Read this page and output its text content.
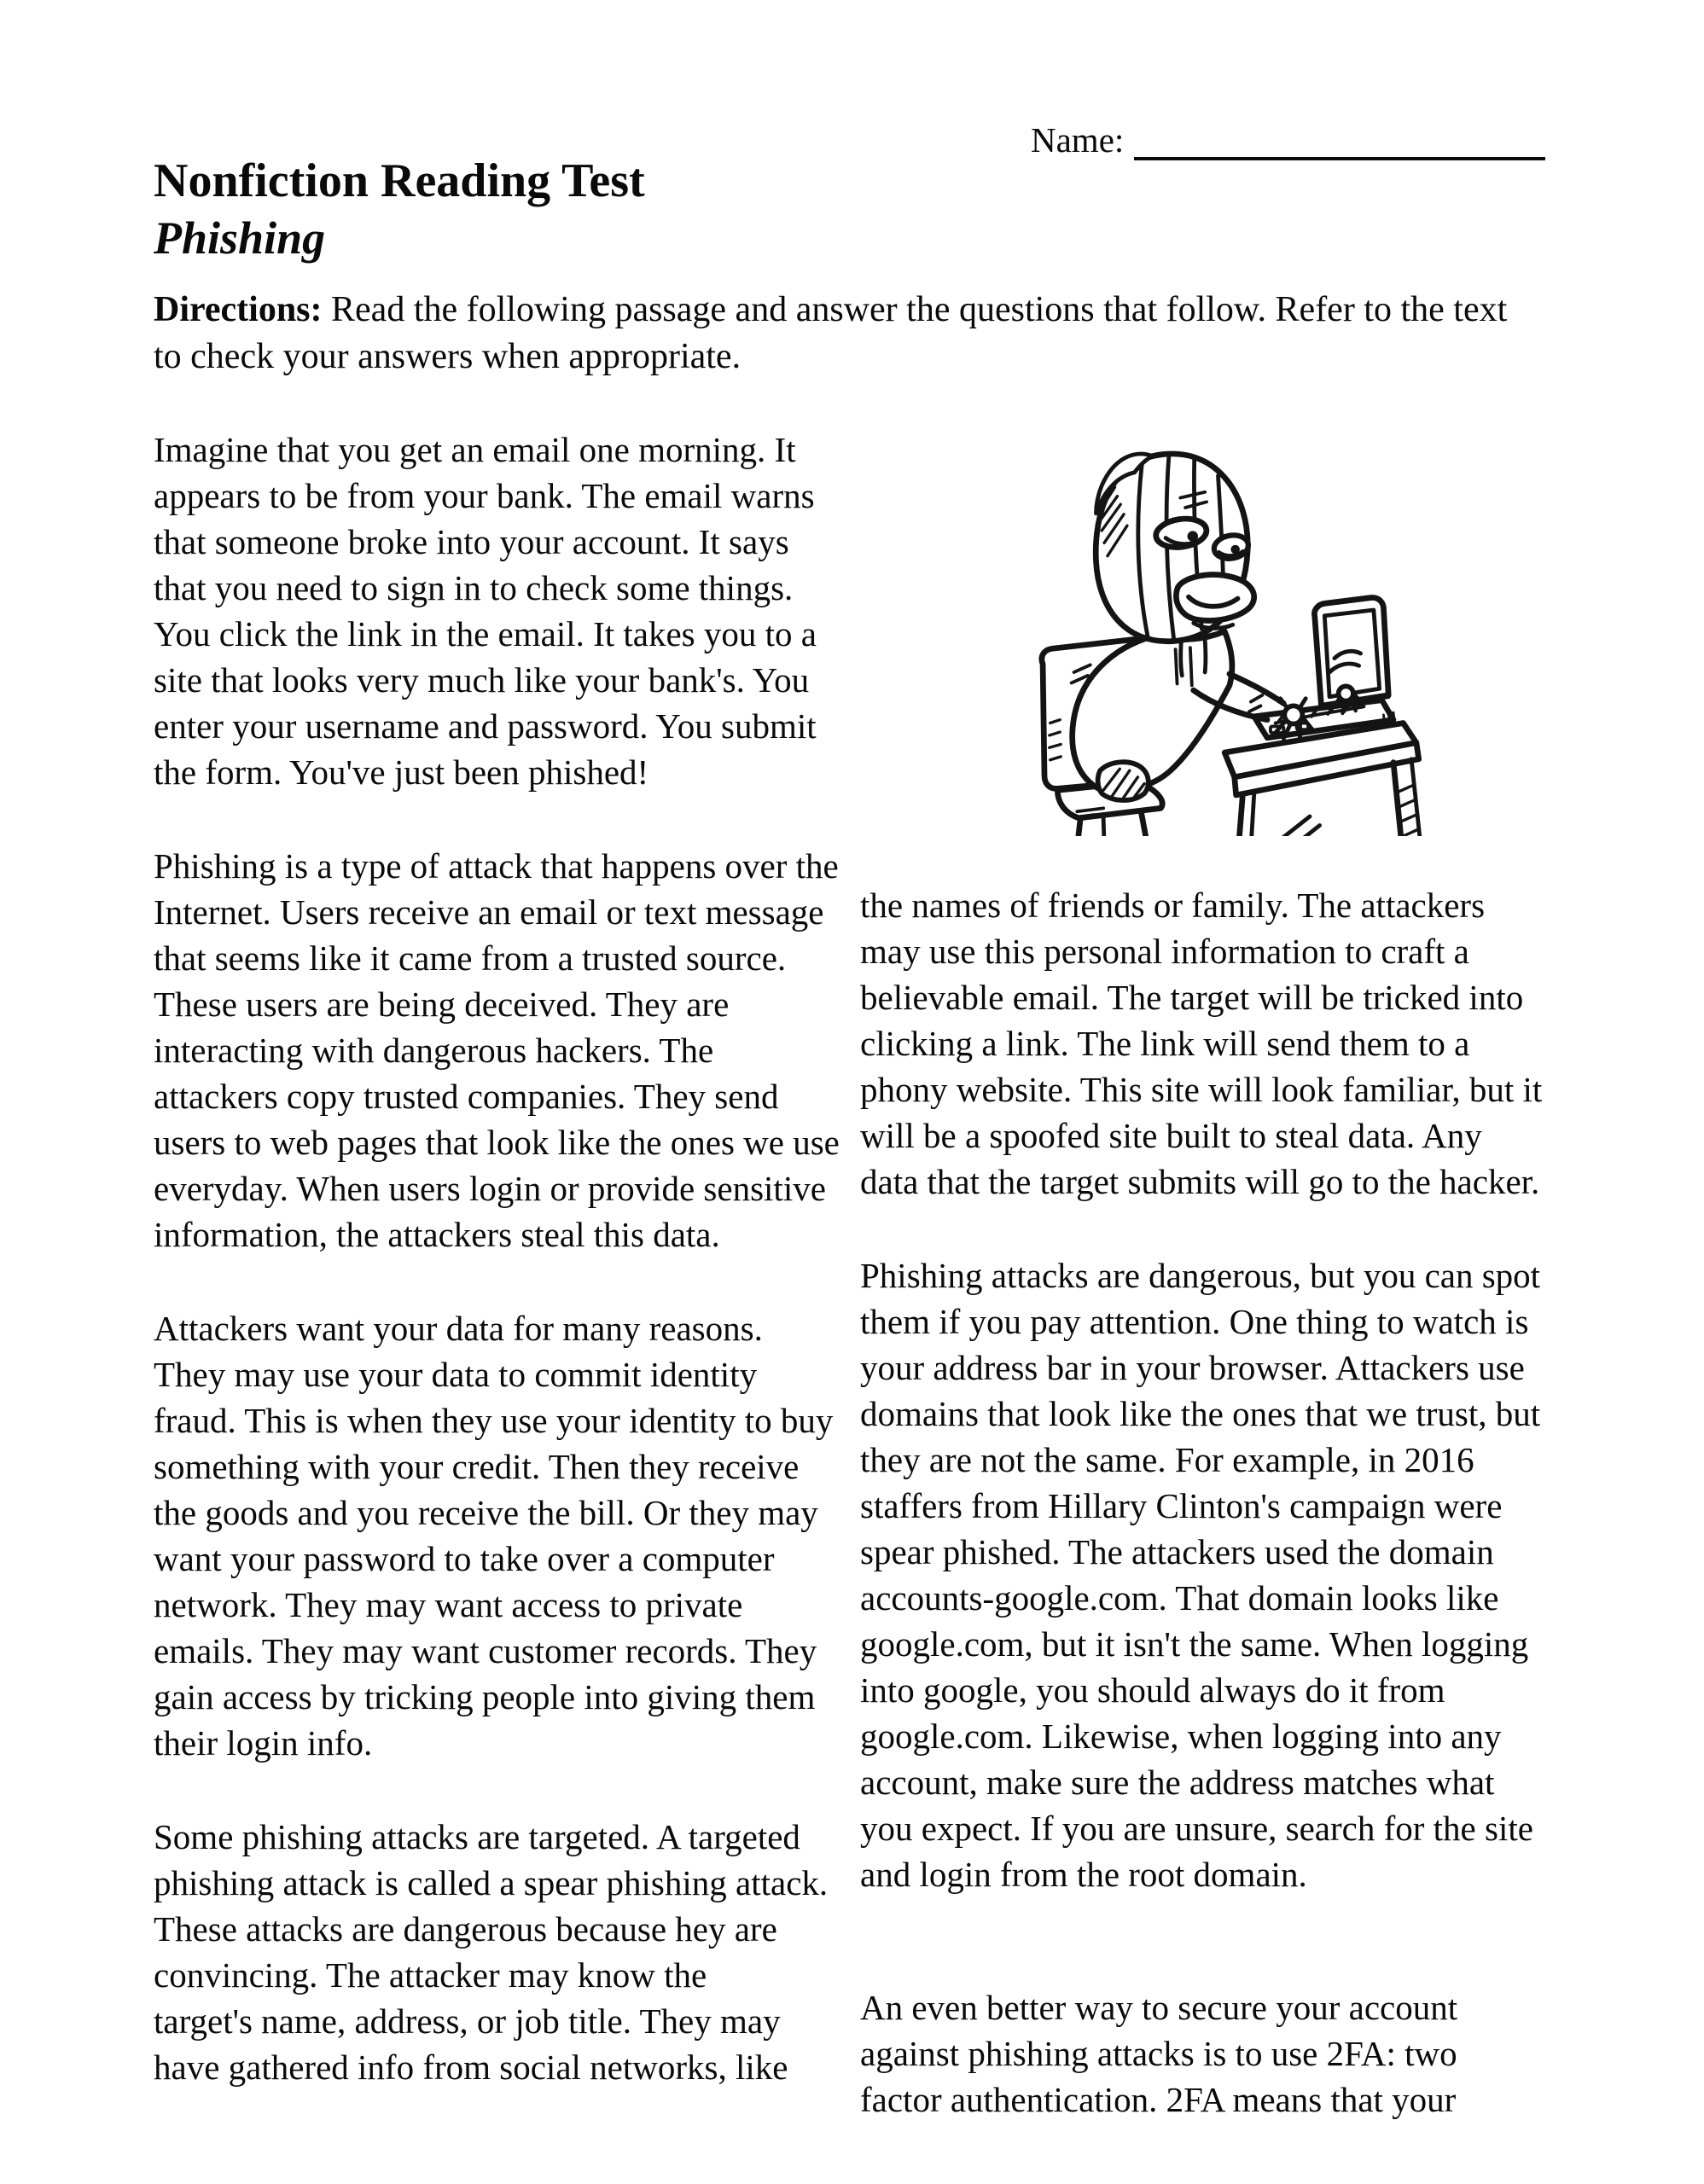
Name:
Nonfiction Reading Test
Phishing

Directions: Read the following passage and answer the questions that follow. Refer to the text
to check your answers when appropriate.

Imagine that you get an email one morning. It
appears to be from your bank. The email warns
that someone broke into your account. It says
that you need to sign in to check some things.
You click the link in the email. It takes you to a
site that looks very much like your bank's. You
enter your username and password. You submit
the form. You've just been phished!

Phishing is a type of attack that happens over the
Internet. Users receive an email or text message
that seems like it came from a trusted source.
These users are being deceived. They are
interacting with dangerous hackers. The
attackers copy trusted companies. They send
users to web pages that look like the ones we use
everyday. When users login or provide sensitive
information, the attackers steal this data.

Attackers want your data for many reasons.
They may use your data to commit identity
fraud. This is when they use your identity to buy
something with your credit. Then they receive
the goods and you receive the bill. Or they may
want your password to take over a computer
network. They may want access to private
emails. They may want customer records. They
gain access by tricking people into giving them
their login info.

Some phishing attacks are targeted. A targeted
phishing attack is called a spear phishing attack.
These attacks are dangerous because hey are
convincing. The attacker may know the
target's name, address, or job title. They may
have gathered info from social networks, like

the names of friends or family. The attackers
may use this personal information to craft a
believable email. The target will be tricked into
clicking a link. The link will send them to a
phony website. This site will look familiar, but it
will be a spoofed site built to steal data. Any
data that the target submits will go to the hacker.

Phishing attacks are dangerous, but you can spot
them if you pay attention. One thing to watch is
your address bar in your browser. Attackers use
domains that look like the ones that we trust, but
they are not the same. For example, in 2016
staffers from Hillary Clinton's campaign were
spear phished. The attackers used the domain
accounts-google.com. That domain looks like
google.com, but it isn't the same. When logging
into google, you should always do it from
google.com. Likewise, when logging into any
account, make sure the address matches what
you expect. If you are unsure, search for the site
and login from the root domain.

An even better way to secure your account
against phishing attacks is to use 2FA: two
factor authentication. 2FA means that your
